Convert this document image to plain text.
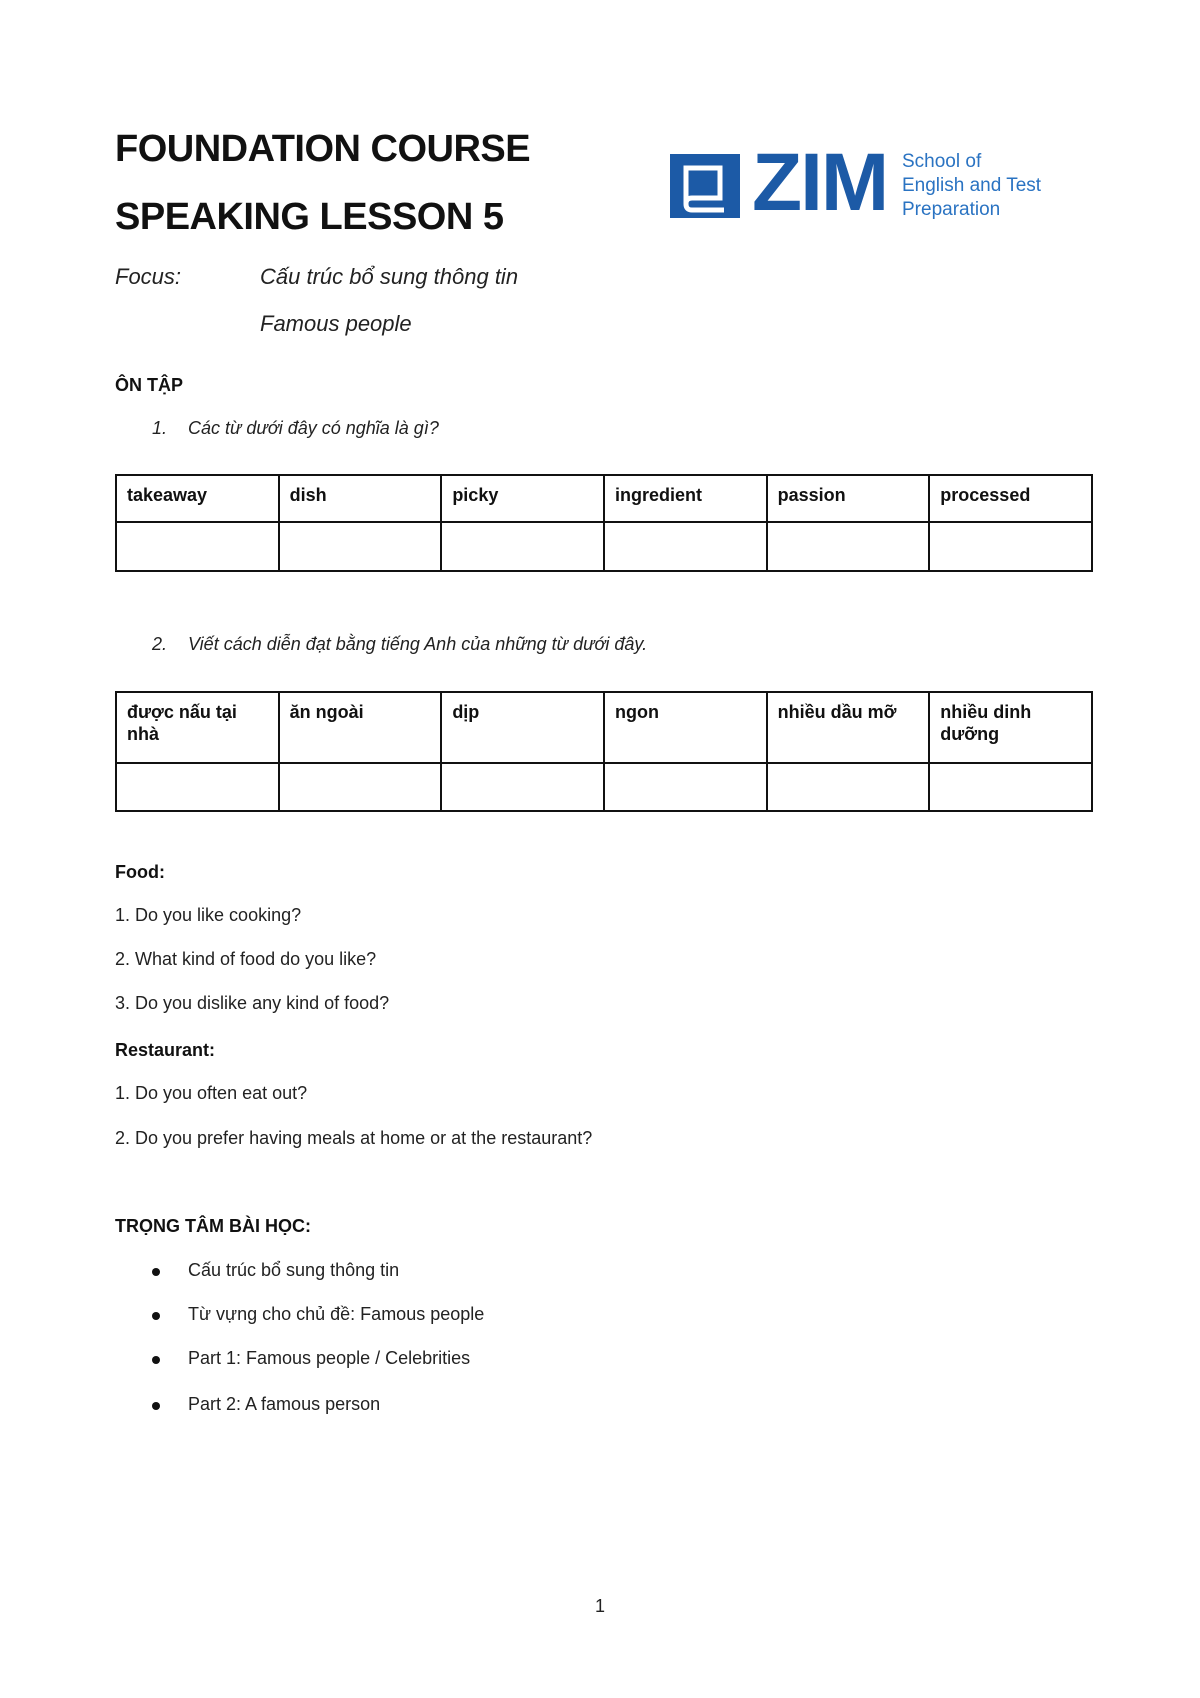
FOUNDATION COURSE
SPEAKING LESSON 5	ZIM School of
English and Test
Preparation
Focus:	Cấu trúc bổ sung thông tin
Famous people
ÔN TẬP
1. Các từ dưới đây có nghĩa là gì?
takeaway	dish	picky	ingredient	passion	processed

2. Viết cách diễn đạt bằng tiếng Anh của những từ dưới đây.
được nấu tại nhà	ăn ngoài	dịp	ngon	nhiều dầu mỡ	nhiều dinh dưỡng

Food:
1. Do you like cooking?
2. What kind of food do you like?
3. Do you dislike any kind of food?
Restaurant:
1. Do you often eat out?
2. Do you prefer having meals at home or at the restaurant?
TRỌNG TÂM BÀI HỌC:
Cấu trúc bổ sung thông tin
Từ vựng cho chủ đề: Famous people
Part 1: Famous people / Celebrities
Part 2: A famous person
1
